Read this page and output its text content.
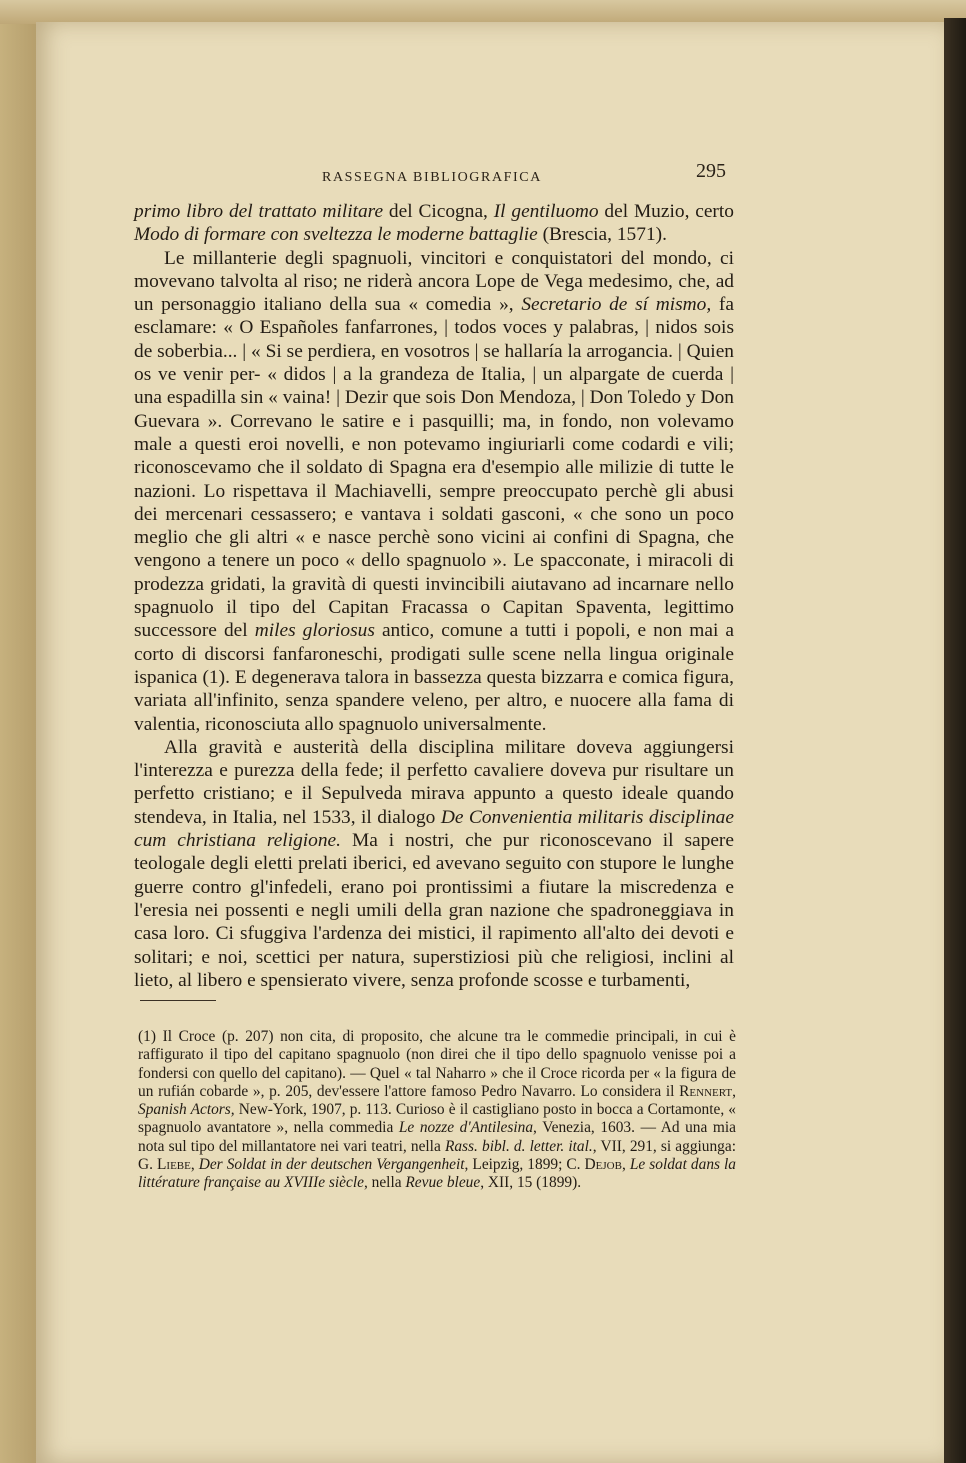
RASSEGNA BIBLIOGRAFICA	295

primo libro del trattato militare del Cicogna, Il gentiluomo del Muzio, certo Modo di formare con sveltezza le moderne battaglie (Brescia, 1571).

Le millanterie degli spagnuoli, vincitori e conquistatori del mondo, ci movevano talvolta al riso; ne riderà ancora Lope de Vega medesimo, che, ad un personaggio italiano della sua « comedia », Secretario de sí mismo, fa esclamare: « O Españoles fanfarrones, | todos voces y palabras, | nidos sois de soberbia... | « Si se perdiera, en vosotros | se hallaría la arrogancia. | Quien os ve venir per- « didos | a la grandeza de Italia, | un alpargate de cuerda | una espadilla sin « vaina! | Dezir que sois Don Mendoza, | Don Toledo y Don Guevara ». Correvano le satire e i pasquilli; ma, in fondo, non volevamo male a questi eroi novelli, e non potevamo ingiuriarli come codardi e vili; riconoscevamo che il soldato di Spagna era d'esempio alle milizie di tutte le nazioni. Lo rispettava il Machiavelli, sempre preoccupato perchè gli abusi dei mercenari cessassero; e vantava i soldati gasconi, « che sono un poco meglio che gli altri « e nasce perchè sono vicini ai confini di Spagna, che vengono a tenere un poco « dello spagnuolo ». Le spacconate, i miracoli di prodezza gridati, la gravità di questi invincibili aiutavano ad incarnare nello spagnuolo il tipo del Capitan Fracassa o Capitan Spaventa, legittimo successore del miles gloriosus antico, comune a tutti i popoli, e non mai a corto di discorsi fanfaroneschi, prodigati sulle scene nella lingua originale ispanica (1). E degenerava talora in bassezza questa bizzarra e comica figura, variata all'infinito, senza spandere veleno, per altro, e nuocere alla fama di valentia, riconosciuta allo spagnuolo universalmente.

Alla gravità e austerità della disciplina militare doveva aggiungersi l'interezza e purezza della fede; il perfetto cavaliere doveva pur risultare un perfetto cristiano; e il Sepulveda mirava appunto a questo ideale quando stendeva, in Italia, nel 1533, il dialogo De Convenientia militaris disciplinae cum christiana religione. Ma i nostri, che pur riconoscevano il sapere teologale degli eletti prelati iberici, ed avevano seguito con stupore le lunghe guerre contro gl'infedeli, erano poi prontissimi a fiutare la miscredenza e l'eresia nei possenti e negli umili della gran nazione che spadroneggiava in casa loro. Ci sfuggiva l'ardenza dei mistici, il rapimento all'alto dei devoti e solitari; e noi, scettici per natura, superstiziosi più che religiosi, inclini al lieto, al libero e spensierato vivere, senza profonde scosse e turbamenti,

(1) Il Croce (p. 207) non cita, di proposito, che alcune tra le commedie principali, in cui è raffigurato il tipo del capitano spagnuolo (non direi che il tipo dello spagnuolo venisse poi a fondersi con quello del capitano). — Quel « tal Naharro » che il Croce ricorda per « la figura de un rufián cobarde », p. 205, dev'essere l'attore famoso Pedro Navarro. Lo considera il Rennert, Spanish Actors, New-York, 1907, p. 113. Curioso è il castigliano posto in bocca a Cortamonte, « spagnuolo avantatore », nella commedia Le nozze d'Antilesina, Venezia, 1603. — Ad una mia nota sul tipo del millantatore nei vari teatri, nella Rass. bibl. d. letter. ital., VII, 291, si aggiunga: G. Liebe, Der Soldat in der deutschen Vergangenheit, Leipzig, 1899; C. Dejob, Le soldat dans la littérature française au XVIIIe siècle, nella Revue bleue, XII, 15 (1899).
